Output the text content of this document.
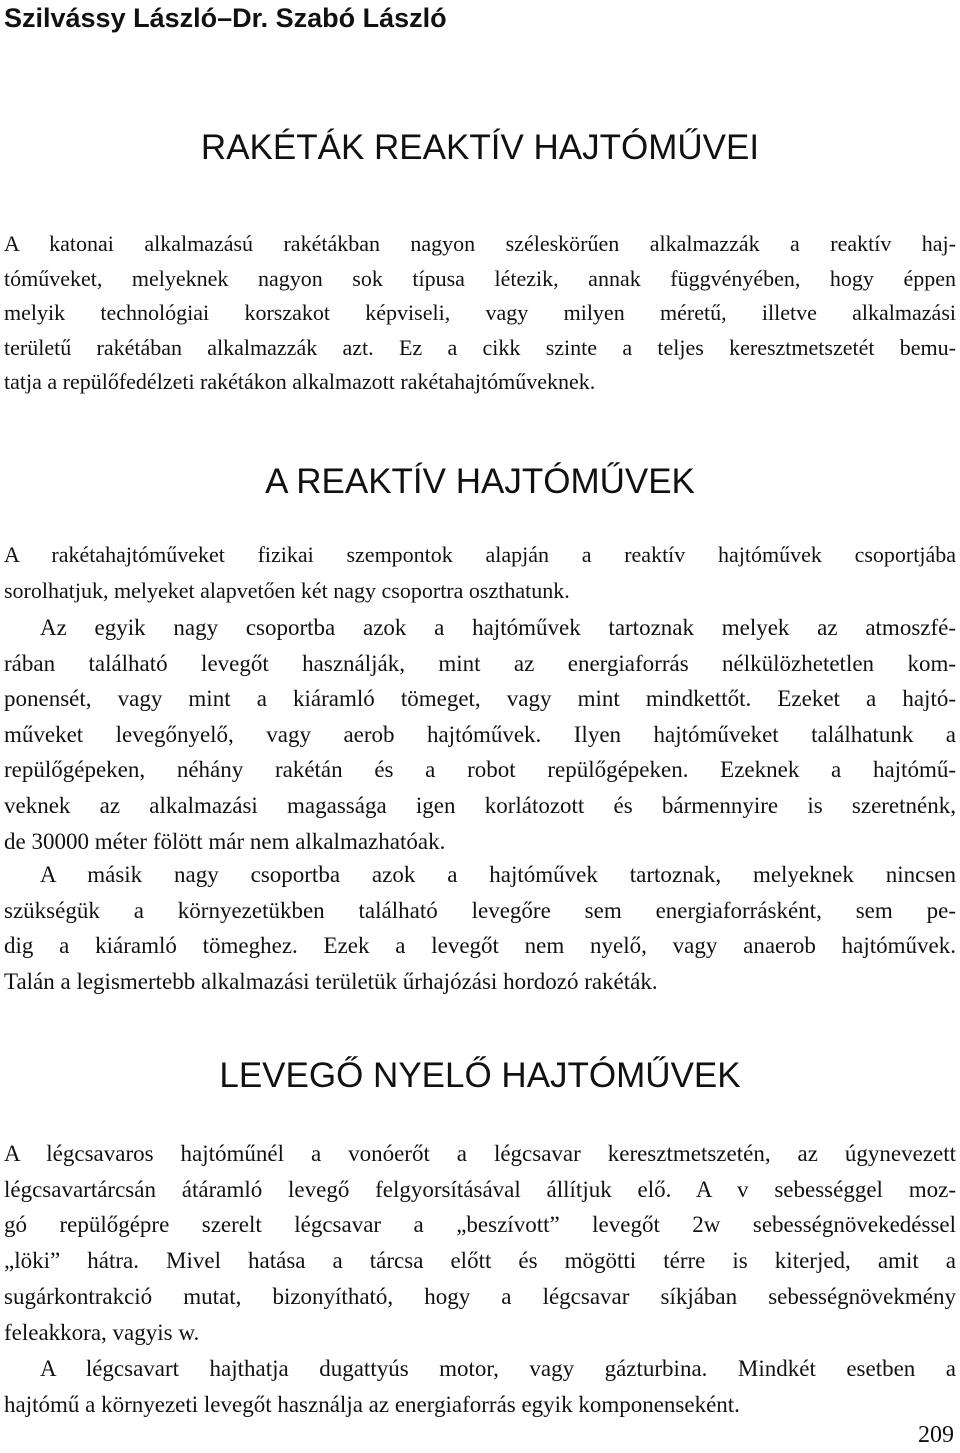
Szilvássy László–Dr. Szabó László
RAKÉTÁK REAKTÍV HAJTÓMŰVEI
A katonai alkalmazású rakétákban nagyon széleskörűen alkalmazzák a reaktív haj-
tóműveket, melyeknek nagyon sok típusa létezik, annak függvényében, hogy éppen
melyik technológiai korszakot képviseli, vagy milyen méretű, illetve alkalmazási
területű rakétában alkalmazzák azt. Ez a cikk szinte a teljes keresztmetszetét bemu-
tatja a repülőfedélzeti rakétákon alkalmazott rakétahajtóműveknek.
A REAKTÍV HAJTÓMŰVEK
A rakétahajtóműveket fizikai szempontok alapján a reaktív hajtóművek csoportjába
sorolhatjuk, melyeket alapvetően két nagy csoportra oszthatunk.
Az egyik nagy csoportba azok a hajtóművek tartoznak melyek az atmoszfé-
rában található levegőt használják, mint az energiaforrás nélkülözhetetlen kom-
ponensét, vagy mint a kiáramló tömeget, vagy mint mindkettőt. Ezeket a hajtó-
műveket levegőnyelő, vagy aerob hajtóművek. Ilyen hajtóműveket találhatunk a
repülőgépeken, néhány rakétán és a robot repülőgépeken. Ezeknek a hajtómű-
veknek az alkalmazási magassága igen korlátozott és bármennyire is szeretnénk,
de 30000 méter fölött már nem alkalmazhatóak.
A másik nagy csoportba azok a hajtóművek tartoznak, melyeknek nincsen
szükségük a környezetükben található levegőre sem energiaforrásként, sem pe-
dig a kiáramló tömeghez. Ezek a levegőt nem nyelő, vagy anaerob hajtóművek.
Talán a legismertebb alkalmazási területük űrhajózási hordozó rakéták.
LEVEGŐ NYELŐ HAJTÓMŰVEK
A légcsavaros hajtóműnél a vonóerőt a légcsavar keresztmetszetén, az úgynevezett
légcsavartárcsán átáramló levegő felgyorsításával állítjuk elő. A v sebességgel moz-
gó repülőgépre szerelt légcsavar a „beszívott” levegőt 2w sebességnövekedéssel
„löki” hátra. Mivel hatása a tárcsa előtt és mögötti térre is kiterjed, amit a
sugárkontrakció mutat, bizonyítható, hogy a légcsavar síkjában sebességnövekmény
feleakkora, vagyis w.
A légcsavart hajthatja dugattyús motor, vagy gázturbina. Mindkét esetben a
hajtómű a környezeti levegőt használja az energiaforrás egyik komponenseként.
209
